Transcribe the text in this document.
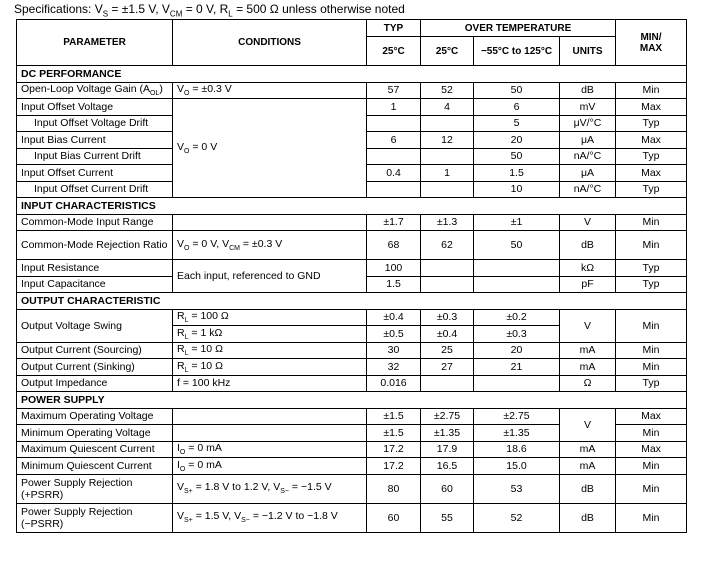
Specifications: $V_S = \pm 1.5$ V, $V_{CM} = 0$ V, $R_L = 500$ Ω unless otherwise noted
PARAMETER	CONDITIONS	TYP	OVER TEMPERATURE			MIN/
MAX
		25°C	25°C	−55°C to 125°C	UNITS	
DC PERFORMANCE						
Open-Loop Voltage Gain $(A_{OL})$	$V_O = \pm 0.3$ V	57	52	50	dB	Min
Input Offset Voltage	$V_O = 0$ V	1	4	6	mV	Max
Input Offset Voltage Drift				5	μV/°C	Typ
Input Bias Current		6	12	20	μA	Max
Input Bias Current Drift				50	nA/°C	Typ
Input Offset Current		0.4	1	1.5	μA	Max
Input Offset Current Drift				10	nA/°C	Typ
INPUT CHARACTERISTICS						
Common-Mode Input Range		±1.7	±1.3	±1	V	Min
Common-Mode Rejection Ratio	$V_O = 0$ V, $V_{CM} = \pm 0.3$ V	68	62	50	dB	Min
Input Resistance	Each input, referenced to GND	100			kΩ	Typ
Input Capacitance		1.5			pF	Typ
OUTPUT CHARACTERISTIC						
Output Voltage Swing	$R_L = 100$ Ω	±0.4	±0.3	±0.2	V	Min
	$R_L = 1$ kΩ	±0.5	±0.4	±0.3		
Output Current (Sourcing)	$R_L = 10$ Ω	30	25	20	mA	Min
Output Current (Sinking)	$R_L = 10$ Ω	32	27	21	mA	Min
Output Impedance	f = 100 kHz	0.016			Ω	Typ
POWER SUPPLY						
Maximum Operating Voltage		±1.5	±2.75	±2.75	V	Max
Minimum Operating Voltage		±1.5	±1.35	±1.35		Min
Maximum Quiescent Current	$I_O = 0$ mA	17.2	17.9	18.6	mA	Max
Minimum Quiescent Current	$I_O = 0$ mA	17.2	16.5	15.0	mA	Min
Power Supply Rejection (+PSRR)	$V_{S+} = 1.8$ V to 1.2 V, $V_{S-} = -1.5$ V	80	60	53	dB	Min
Power Supply Rejection (−PSRR)	$V_{S+} = 1.5$ V, $V_{S-} = -1.2$ V to −1.8 V	60	55	52	dB	Min
